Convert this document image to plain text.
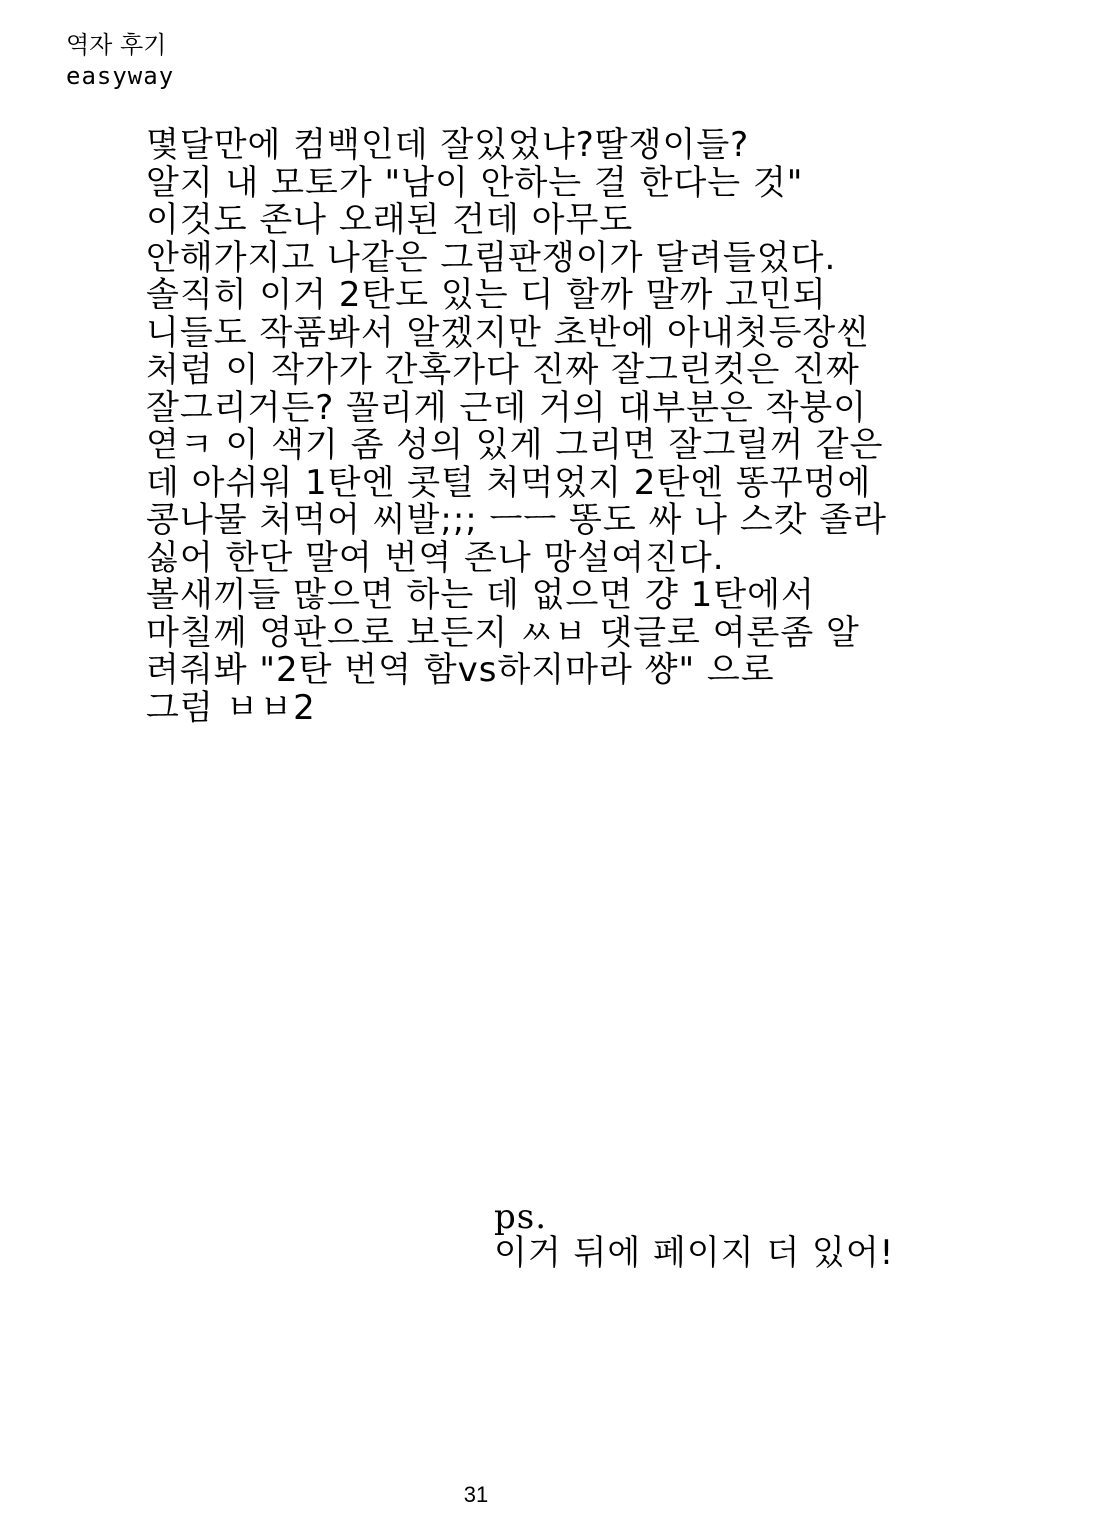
역자 후기
easyway
몇달만에 컴백인데 잘있었냐?딸쟁이들?
알지 내 모토가 "남이 안하는 걸 한다는 것"
이것도 존나 오래된 건데 아무도
안해가지고 나같은 그림판쟁이가 달려들었다.
솔직히 이거 2탄도 있는 디 할까 말까 고민되
니들도 작품봐서 알겠지만 초반에 아내첫등장씬
처럼 이 작가가 간혹가다 진짜 잘그린컷은 진짜
잘그리거든? 꼴리게 근데 거의 대부분은 작붕이
엳ㅋ 이 색기 좀 성의 있게 그리면 잘그릴꺼 같은
데 아쉬워 1탄엔 콧털 처먹었지 2탄엔 똥꾸멍에
콩나물 처먹어 씨발;;; ㅡㅡ 똥도 싸 나 스캇 졸라
싫어 한단 말여 번역 존나 망설여진다.
볼새끼들 많으면 하는 데 없으면 걍 1탄에서
마칠께 영판으로 보든지 ㅆㅂ 댓글로 여론좀 알
려줘봐 "2탄 번역 함vs하지마라 썅" 으로
그럼 ㅂㅂ2
ps.
이거 뒤에 페이지 더 있어!
31
